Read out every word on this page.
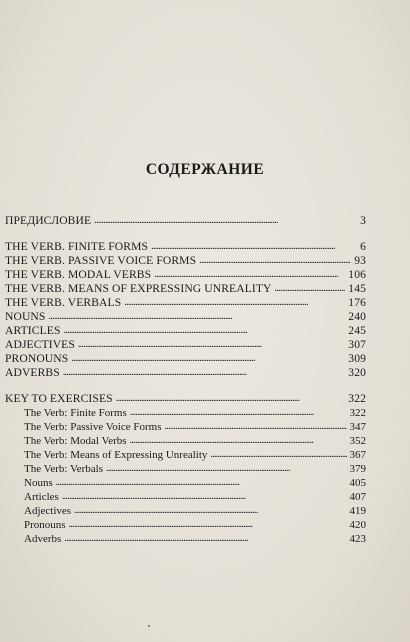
СОДЕРЖАНИЕ
ПРЕДИСЛОВИЕ . . .	3
THE VERB. FINITE FORMS . . .	6
THE VERB. PASSIVE VOICE FORMS . . .	93
THE VERB. MODAL VERBS . . .	106
THE VERB. MEANS OF EXPRESSING UNREALITY . . .	145
THE VERB. VERBALS . . .	176
NOUNS . . .	240
ARTICLES . . .	245
ADJECTIVES . . .	307
PRONOUNS . . .	309
ADVERBS . . .	320
KEY TO EXERCISES . . .	322
The Verb: Finite Forms . . .	322
The Verb: Passive Voice Forms . . .	347
The Verb: Modal Verbs . . .	352
The Verb: Means of Expressing Unreality . . .	367
The Verb: Verbals . . .	379
Nouns . . .	405
Articles . . .	407
Adjectives . . .	419
Pronouns . . .	420
Adverbs . . .	423
